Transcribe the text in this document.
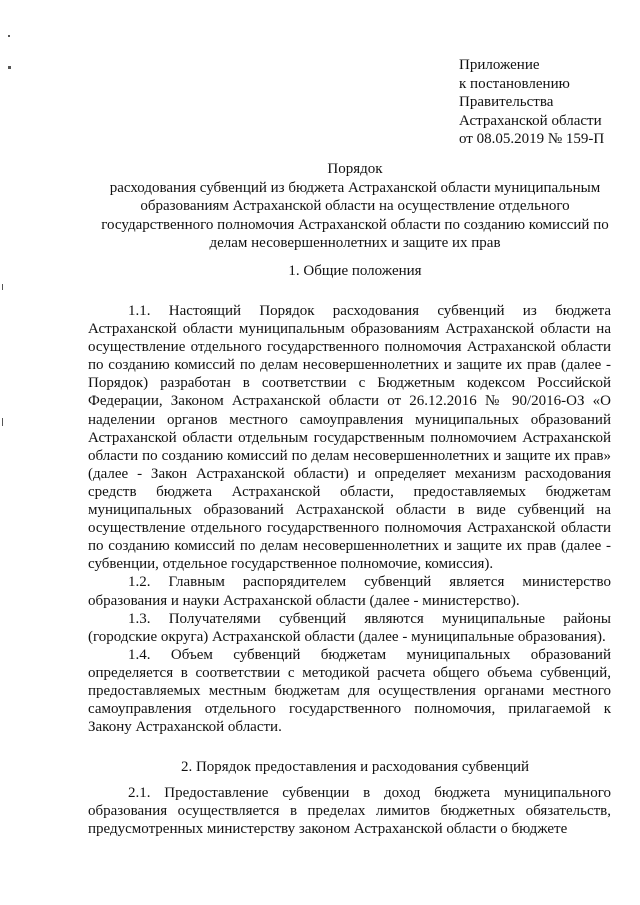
Приложение
к постановлению
Правительства
Астраханской области
от 08.05.2019 № 159-П
Порядок
расходования субвенций из бюджета Астраханской области муниципальным образованиям Астраханской области на осуществление отдельного государственного полномочия Астраханской области по созданию комиссий по делам несовершеннолетних и защите их прав
1. Общие положения

1.1. Настоящий Порядок расходования субвенций из бюджета Астраханской области муниципальным образованиям Астраханской области на осуществление отдельного государственного полномочия Астраханской области по созданию комиссий по делам несовершеннолетних и защите их прав (далее - Порядок) разработан в соответствии с Бюджетным кодексом Российской Федерации, Законом Астраханской области от 26.12.2016 № 90/2016-ОЗ «О наделении органов местного самоуправления муниципальных образований Астраханской области отдельным государственным полномочием Астраханской области по созданию комиссий по делам несовершеннолетних и защите их прав» (далее - Закон Астраханской области) и определяет механизм расходования средств бюджета Астраханской области, предоставляемых бюджетам муниципальных образований Астраханской области в виде субвенций на осуществление отдельного государственного полномочия Астраханской области по созданию комиссий по делам несовершеннолетних и защите их прав (далее - субвенции, отдельное государственное полномочие, комиссия).

1.2. Главным распорядителем субвенций является министерство образования и науки Астраханской области (далее - министерство).

1.3. Получателями субвенций являются муниципальные районы (городские округа) Астраханской области (далее - муниципальные образования).

1.4. Объем субвенций бюджетам муниципальных образований определяется в соответствии с методикой расчета общего объема субвенций, предоставляемых местным бюджетам для осуществления органами местного самоуправления отдельного государственного полномочия, прилагаемой к Закону Астраханской области.

2. Порядок предоставления и расходования субвенций

2.1. Предоставление субвенции в доход бюджета муниципального образования осуществляется в пределах лимитов бюджетных обязательств, предусмотренных министерству законом Астраханской области о бюджете
